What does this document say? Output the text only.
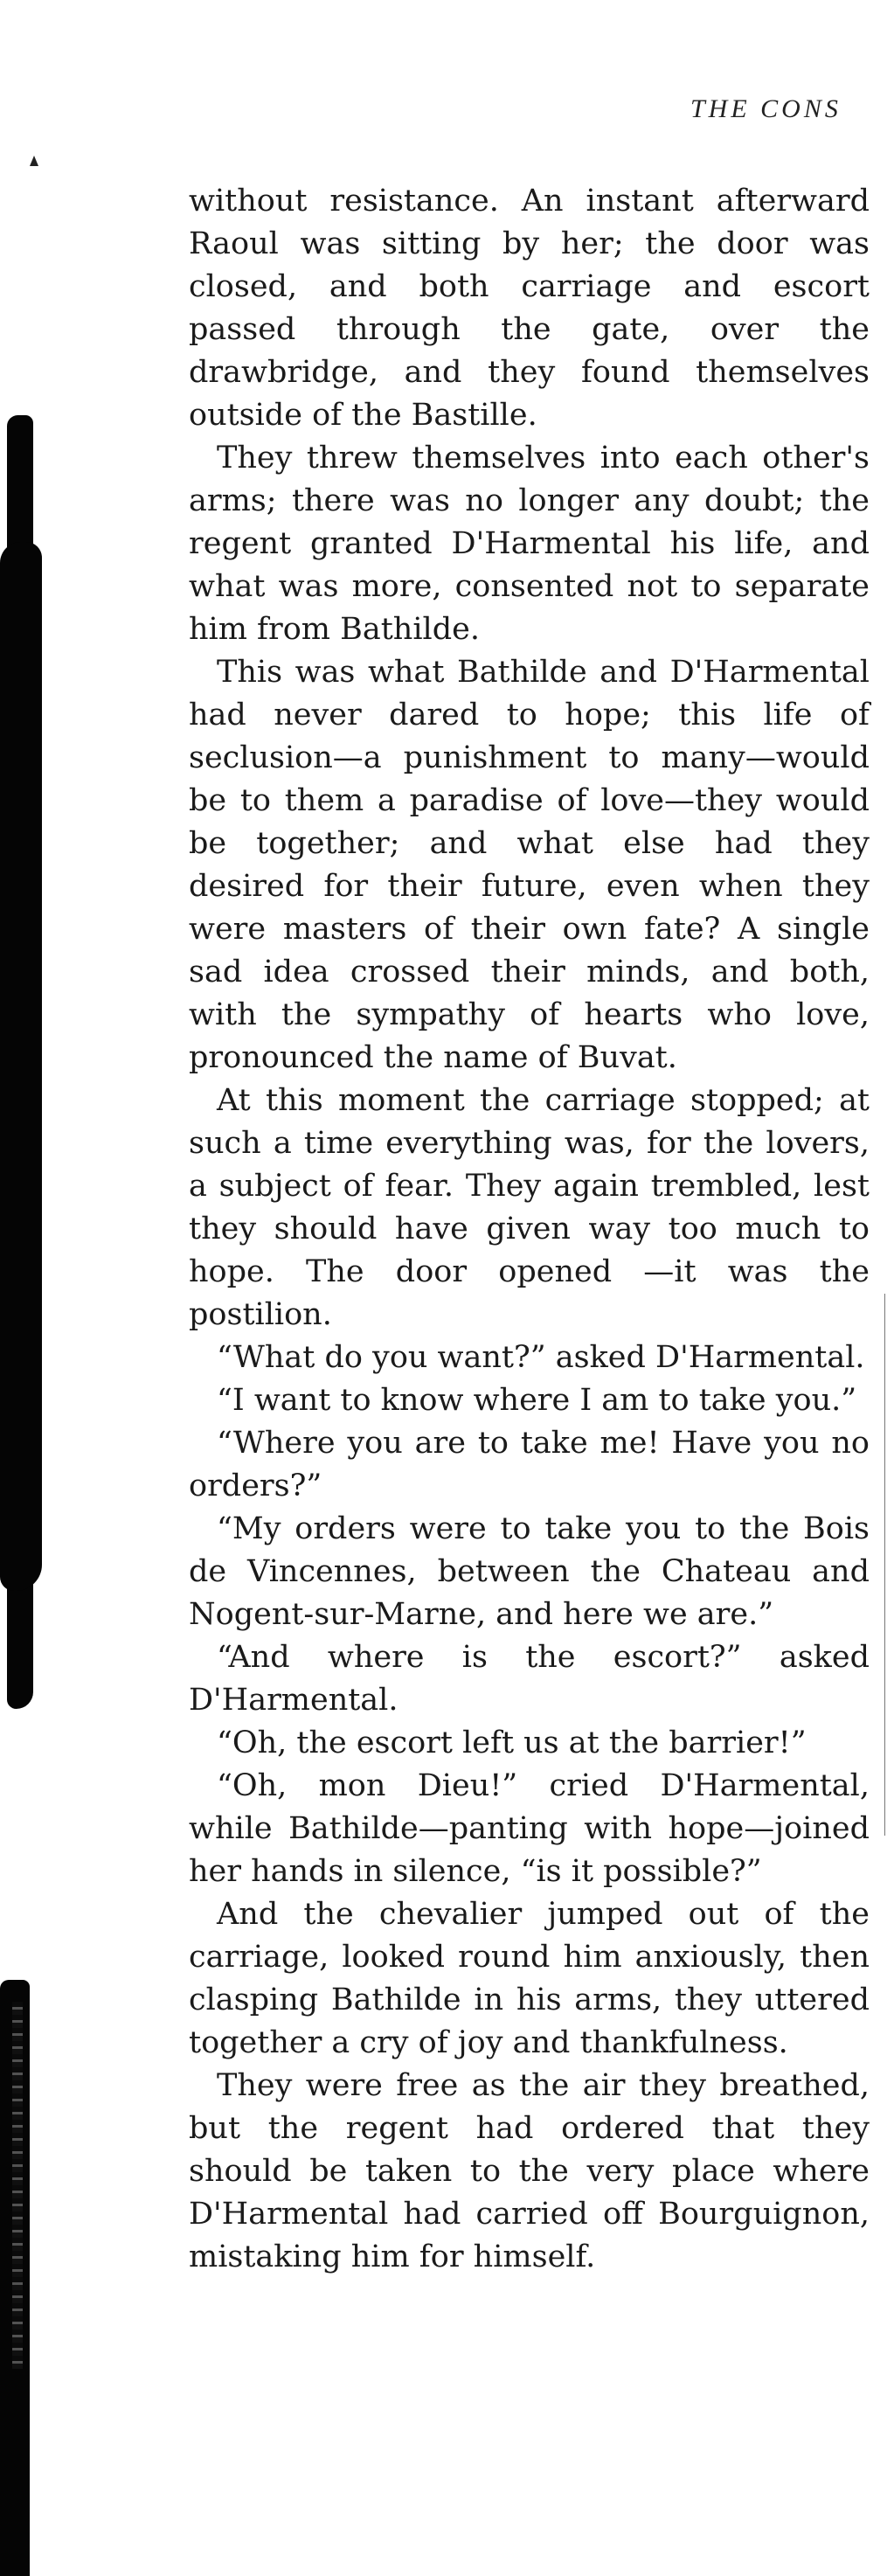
THE CONS

without resistance. An instant afterward Raoul was sitting by her; the door was closed, and both carriage and escort passed through the gate, over the drawbridge, and they found themselves outside of the Bastille.

They threw themselves into each other's arms; there was no longer any doubt; the regent granted D'Harmental his life, and what was more, consented not to separate him from Bathilde.

This was what Bathilde and D'Harmental had never dared to hope; this life of seclusion—a punishment to many—would be to them a paradise of love—they would be together; and what else had they desired for their future, even when they were masters of their own fate? A single sad idea crossed their minds, and both, with the sympathy of hearts who love, pronounced the name of Buvat.

At this moment the carriage stopped; at such a time everything was, for the lovers, a subject of fear. They again trembled, lest they should have given way too much to hope. The door opened —it was the postilion.

“What do you want?” asked D'Harmental.

“I want to know where I am to take you.”

“Where you are to take me! Have you no orders?”

“My orders were to take you to the Bois de Vincennes, between the Chateau and Nogent-sur-Marne, and here we are.”

“And where is the escort?” asked D'Harmental.

“Oh, the escort left us at the barrier!”

“Oh, mon Dieu!” cried D'Harmental, while Bathilde—panting with hope—joined her hands in silence, “is it possible?”

And the chevalier jumped out of the carriage, looked round him anxiously, then clasping Bathilde in his arms, they uttered together a cry of joy and thankfulness.

They were free as the air they breathed, but the regent had ordered that they should be taken to the very place where D'Harmental had carried off Bourguignon, mistaking him for himself.
